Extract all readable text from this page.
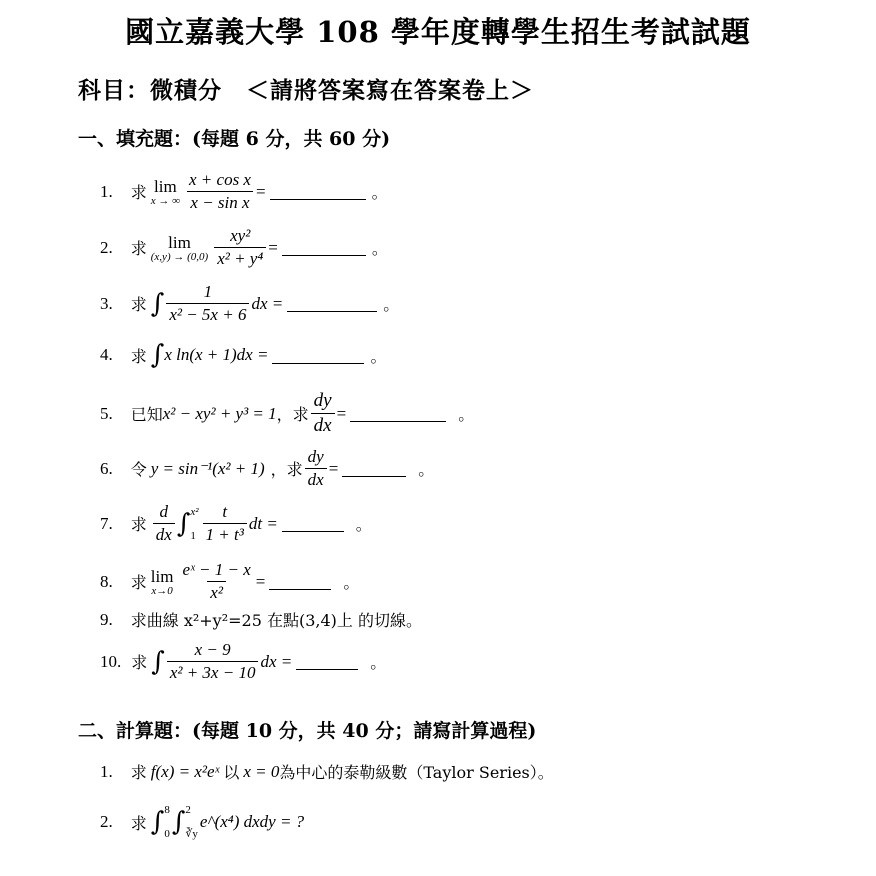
國立嘉義大學 108 學年度轉學生招生考試試題
科目：微積分　＜請將答案寫在答案卷上＞
一、填充題：(每題 6 分，共 60 分)
1. 求 lim
x → ∞ $\frac{\text{x + cos x}}{\text{x − sin x}}$ =	。
2. 求 lim
$(x,y) \to (0,0) \frac{\text{xy²}}{\text{x² + y⁴}}$ =	。
3. 求 ∫ $\frac{1}{\text{x² − 5x + 6}}$ dx =	。
4. 求 ∫ x ln(x + 1)dx =	。
5. 已知 x² − xy² + y³ = 1 ，求 $\frac{dy}{dx}$ =	。
6. 令 y = sin⁻¹(x² + 1) ，求 $\frac{dy}{dx}$ =	。
7. 求 $\frac{d}{dx}$ ∫ x²
$1 \frac{t}{\text{1 + t³}}$ dt =	。
8. 求 lim
$x\to 0 \frac{\text{eˣ − 1 − x}}{\text{x²}}$ =	。
9. 求曲線 x²+y²=25 在點(3,4)上 的切線。
10. 求 ∫ $\frac{x - 9}{\text{x² + 3x − 10}}$ dx =	。
二、計算題：(每題 10 分，共 40 分；請寫計算過程)
1. 求 f(x) = x²eˣ 以 x = 0 為中心的泰勒級數（Taylor Series）。
2. 求 ∫ 8
0 ∫ 2
∛y
e^(x⁴) dxdy = ?
